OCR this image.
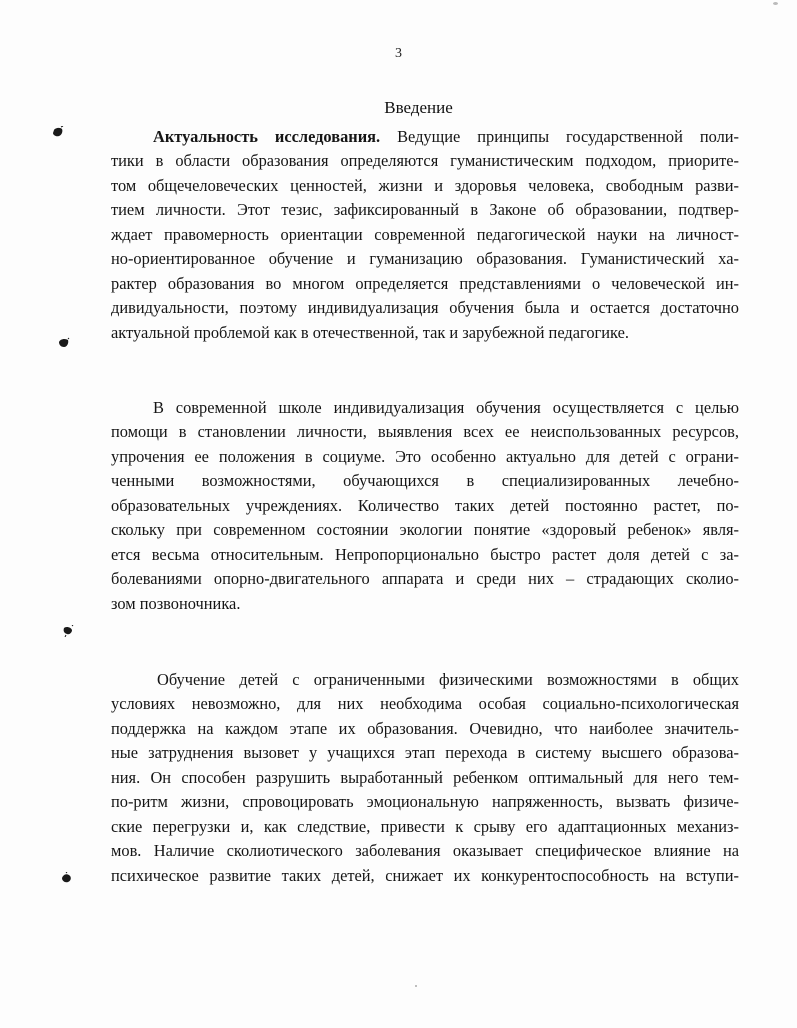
3
Введение
Актуальность исследования. Ведущие принципы государственной поли-
тики в области образования определяются гуманистическим подходом, приорите-
том общечеловеческих ценностей, жизни и здоровья человека, свободным разви-
тием личности. Этот тезис, зафиксированный в Законе об образовании, подтвер-
ждает правомерность ориентации современной педагогической науки на личност-
но-ориентированное обучение и гуманизацию образования. Гуманистический ха-
рактер образования во многом определяется представлениями о человеческой ин-
дивидуальности, поэтому индивидуализация обучения была и остается достаточно
актуальной проблемой как в отечественной, так и зарубежной педагогике.
В современной школе индивидуализация обучения осуществляется с целью
помощи в становлении личности, выявления всех ее неиспользованных ресурсов,
упрочения ее положения в социуме. Это особенно актуально для детей с ограни-
ченными возможностями, обучающихся в специализированных лечебно-
образовательных учреждениях. Количество таких детей постоянно растет, по-
скольку при современном состоянии экологии понятие «здоровый ребенок» явля-
ется весьма относительным. Непропорционально быстро растет доля детей с за-
болеваниями опорно-двигательного аппарата и среди них – страдающих сколио-
зом позвоночника.
Обучение детей с ограниченными физическими возможностями в общих
условиях невозможно, для них необходима особая социально-психологическая
поддержка на каждом этапе их образования. Очевидно, что наиболее значитель-
ные затруднения вызовет у учащихся этап перехода в систему высшего образова-
ния. Он способен разрушить выработанный ребенком оптимальный для него тем-
по-ритм жизни, спровоцировать эмоциональную напряженность, вызвать физиче-
ские перегрузки и, как следствие, привести к срыву его адаптационных механиз-
мов. Наличие сколиотического заболевания оказывает специфическое влияние на
психическое развитие таких детей, снижает их конкурентоспособность на вступи-
